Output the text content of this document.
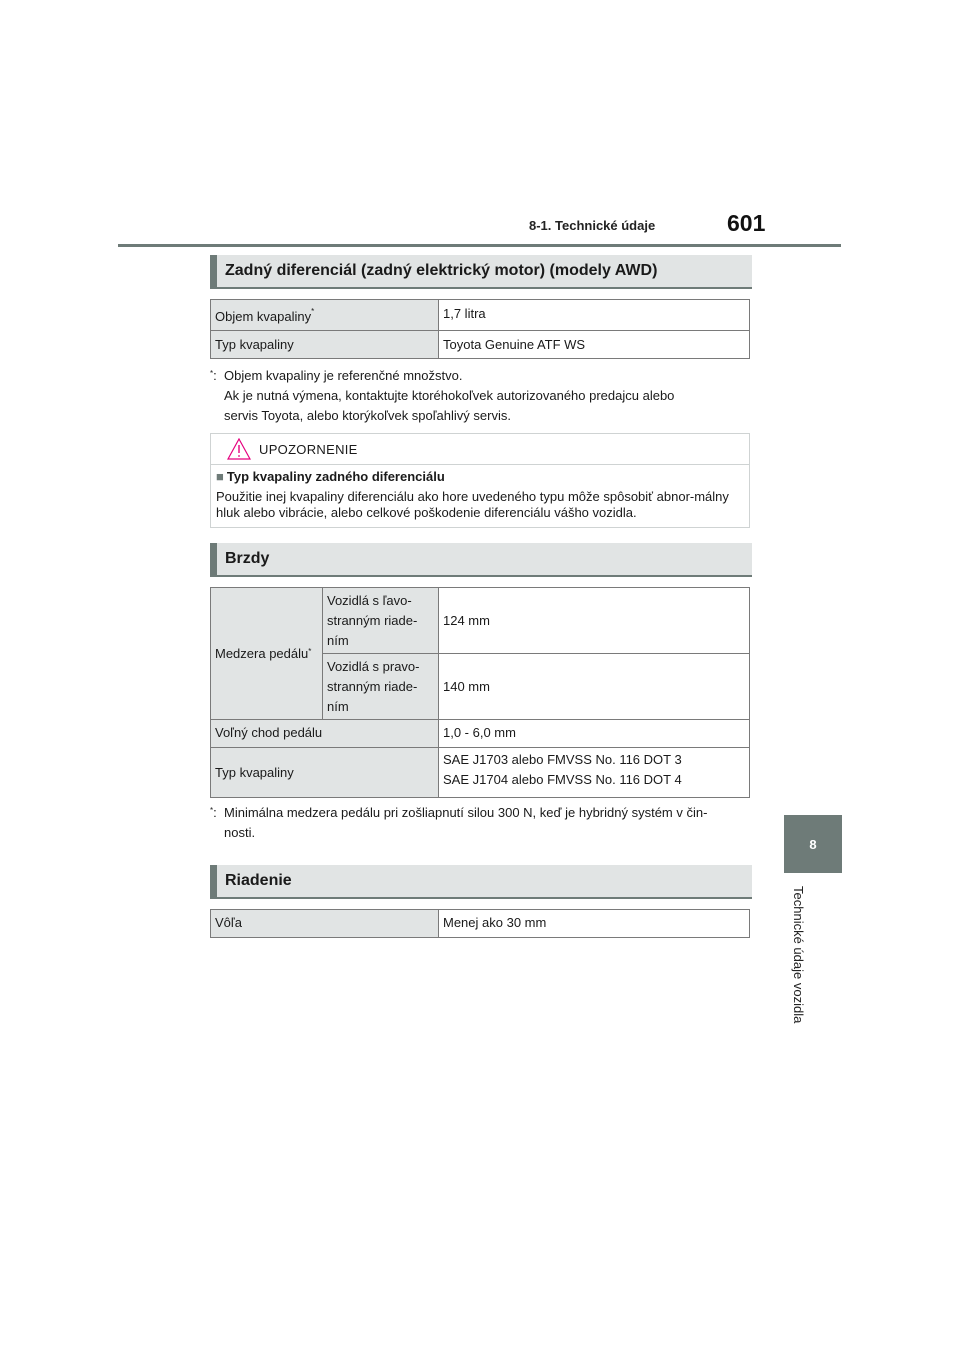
8-1. Technické údaje	601
8
Technické údaje vozidla
Zadný diferenciál (zadný elektrický motor) (modely AWD)
Objem kvapaliny*	1,7 litra
Typ kvapaliny	Toyota Genuine ATF WS
*: Objem kvapaliny je referenčné množstvo.
Ak je nutná výmena, kontaktujte ktoréhokoľvek autorizovaného predajcu alebo
servis Toyota, alebo ktorýkoľvek spoľahlivý servis.
UPOZORNENIE
■ Typ kvapaliny zadného diferenciálu
Použitie inej kvapaliny diferenciálu ako hore uvedeného typu môže spôsobiť abnor-málny hluk alebo vibrácie, alebo celkové poškodenie diferenciálu vášho vozidla.
Brzdy
Medzera pedálu*	Vozidlá s ľavo-stranným riade-ním	124 mm
	Vozidlá s pravo-stranným riade-ním	140 mm
Voľný chod pedálu		1,0 - 6,0 mm
Typ kvapaliny		SAE J1703 alebo FMVSS No. 116 DOT 3
SAE J1704 alebo FMVSS No. 116 DOT 4
*: Minimálna medzera pedálu pri zošliapnutí silou 300 N, keď je hybridný systém v čin-
nosti.
Riadenie
Vôľa	Menej ako 30 mm
